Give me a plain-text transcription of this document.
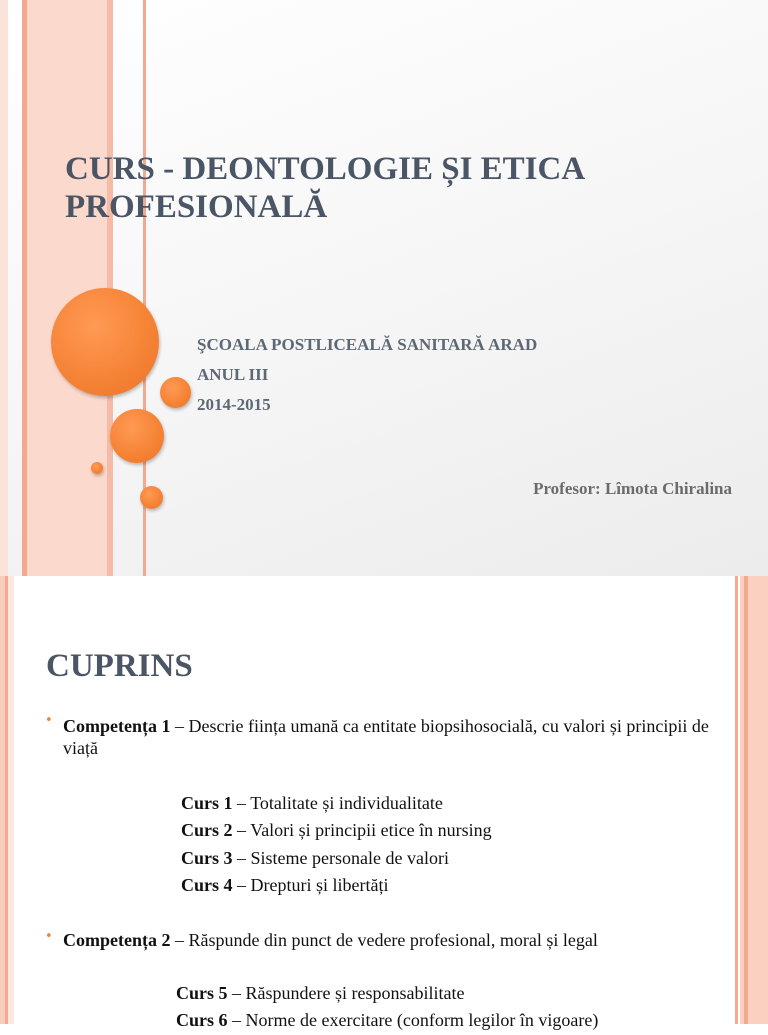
CURS - DEONTOLOGIE ȘI ETICA PROFESIONALĂ
ŞCOALA POSTLICEALĂ SANITARĂ ARAD
ANUL III
2014-2015
Profesor: Lîmota Chiralina
CUPRINS
• Competența 1 – Descrie ființa umană ca entitate biopsihosocială, cu valori și principii de viață
Curs 1 – Totalitate și individualitate
Curs 2 – Valori și principii etice în nursing
Curs 3 – Sisteme personale de valori
Curs 4 – Drepturi și libertăți
• Competența 2 – Răspunde din punct de vedere profesional, moral și legal
Curs 5 – Răspundere și responsabilitate
Curs 6 – Norme de exercitare (conform legilor în vigoare)
